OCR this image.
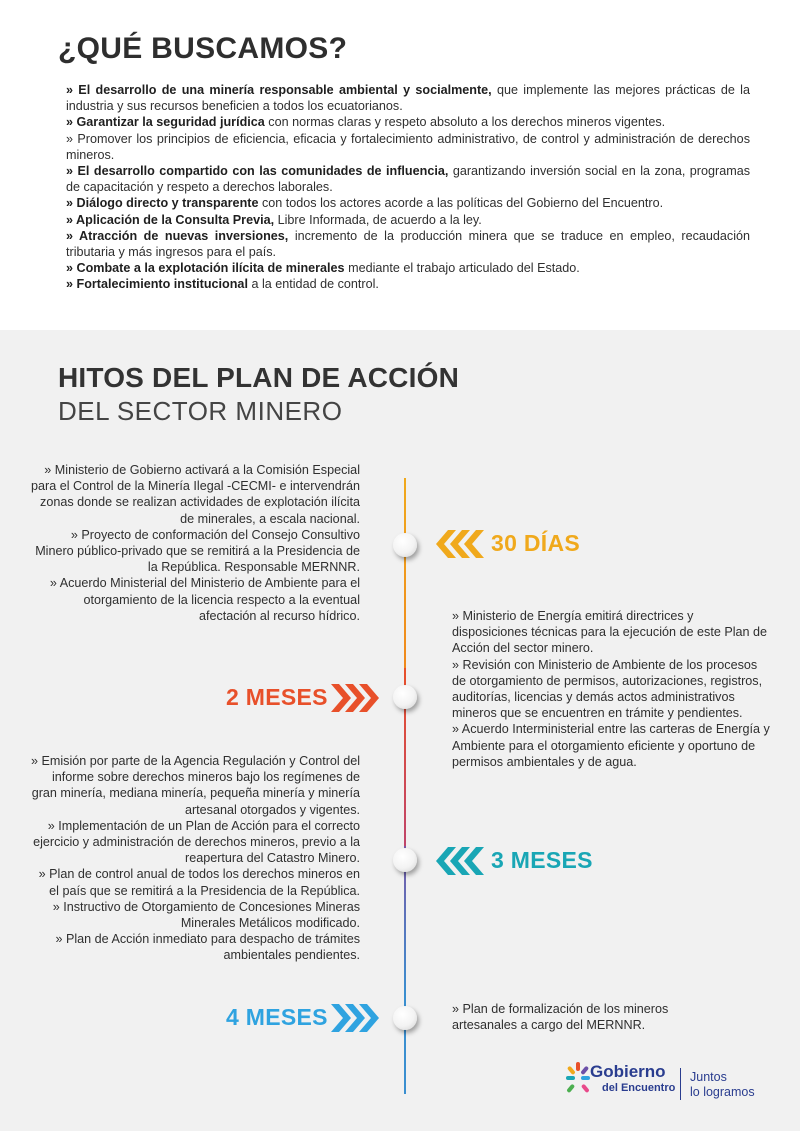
¿QUÉ BUSCAMOS?

» El desarrollo de una minería responsable ambiental y socialmente, que implemente las mejores prácticas de la industria y sus recursos beneficien a todos los ecuatorianos.

» Garantizar la seguridad jurídica con normas claras y respeto absoluto a los derechos mineros vigentes.

» Promover los principios de eficiencia, eficacia y fortalecimiento administrativo, de control y administración de derechos mineros.

» El desarrollo compartido con las comunidades de influencia, garantizando inversión social en la zona, programas de capacitación y respeto a derechos laborales.

» Diálogo directo y transparente con todos los actores acorde a las políticas del Gobierno del Encuentro.

» Aplicación de la Consulta Previa, Libre Informada, de acuerdo a la ley.

» Atracción de nuevas inversiones, incremento de la producción minera que se traduce en empleo, recaudación tributaria y más ingresos para el país.

» Combate a la explotación ilícita de minerales mediante el trabajo articulado del Estado.

» Fortalecimiento institucional a la entidad de control.

HITOS DEL PLAN DE ACCIÓN
DEL SECTOR MINERO
30 DÍAS

» Ministerio de Gobierno activará a la Comisión Especial para el Control de la Minería Ilegal -CECMI- e intervendrán zonas donde se realizan actividades de explotación ilícita de minerales, a escala nacional.

» Proyecto de conformación del Consejo Consultivo Minero público-privado que se remitirá a la Presidencia de la República. Responsable MERNNR.

» Acuerdo Ministerial del Ministerio de Ambiente para el otorgamiento de la licencia respecto a la eventual afectación al recurso hídrico.

2 MESES

» Ministerio de Energía emitirá directrices y disposiciones técnicas para la ejecución de este Plan de Acción del sector minero.

» Revisión con Ministerio de Ambiente de los procesos de otorgamiento de permisos, autorizaciones, registros, auditorías, licencias y demás actos administrativos mineros que se encuentren en trámite y pendientes.

» Acuerdo Interministerial entre las carteras de Energía y Ambiente para el otorgamiento eficiente y oportuno de permisos ambientales y de agua.

3 MESES

» Emisión por parte de la Agencia Regulación y Control del informe sobre derechos mineros bajo los regímenes de gran minería, mediana minería, pequeña minería y minería artesanal otorgados y vigentes.

» Implementación de un Plan de Acción para el correcto ejercicio y administración de derechos mineros, previo a la reapertura del Catastro Minero.

» Plan de control anual de todos los derechos mineros en el país que se remitirá a la Presidencia de la República.

» Instructivo de Otorgamiento de Concesiones Mineras Minerales Metálicos modificado.

» Plan de Acción inmediato para despacho de trámites ambientales pendientes.

4 MESES	» Plan de formalización de los mineros artesanales a cargo del MERNNR.

Gobierno
del Encuentro
Juntos
lo logramos
